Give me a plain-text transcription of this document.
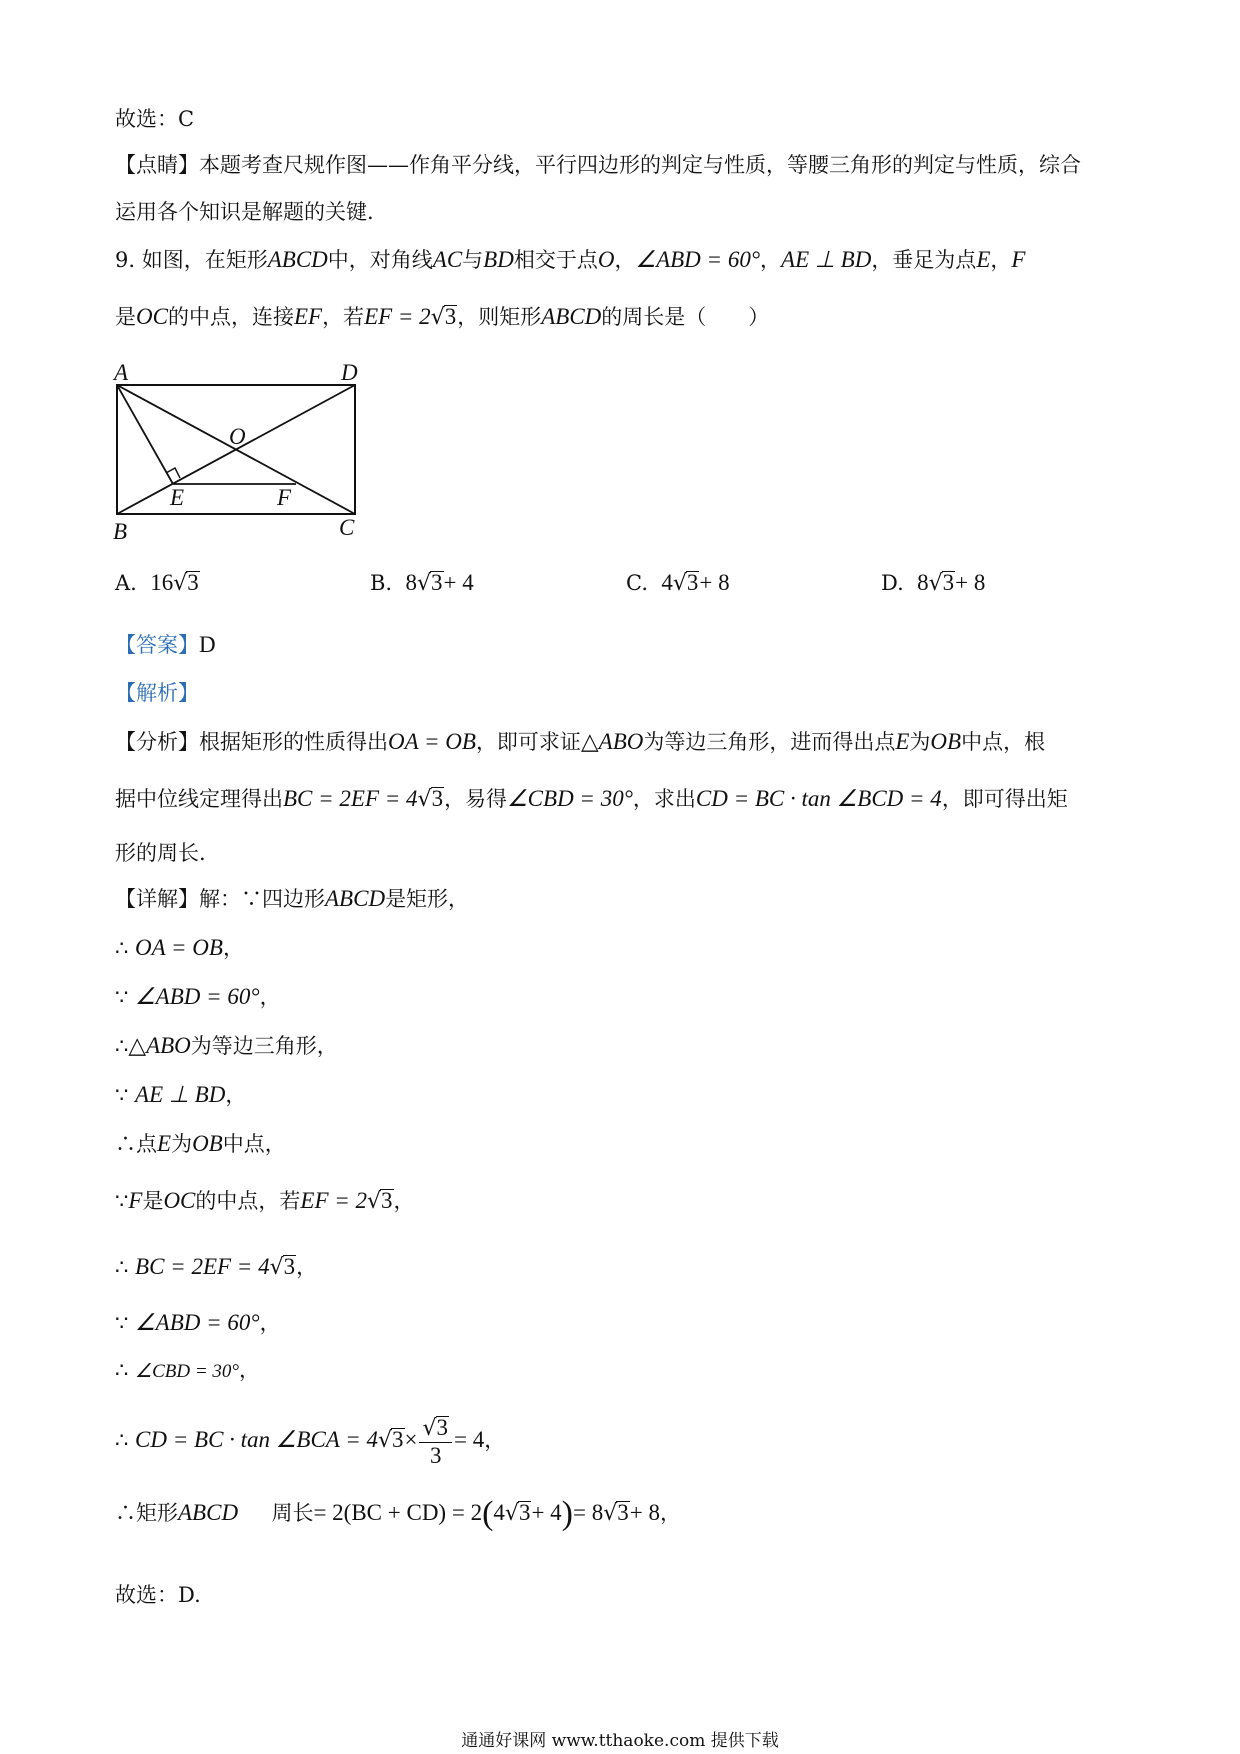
故选：C
【点睛】本题考查尺规作图——作角平分线，平行四边形的判定与性质，等腰三角形的判定与性质，综合
运用各个知识是解题的关键.
9. 如图，在矩形ABCD中，对角线AC与BD相交于点O，∠ABD = 60°，AE ⊥ BD，垂足为点E，F
是OC的中点，连接EF，若EF = 2√3，则矩形ABCD的周长是（　　）
A	D
O
E	F
B	C
A. 16√3	B. 8√3+ 4	C. 4√3+ 8	D. 8√3+ 8
【答案】D
【解析】
【分析】根据矩形的性质得出OA = OB，即可求证△ABO为等边三角形，进而得出点E为OB中点，根
据中位线定理得出BC = 2EF = 4√3，易得∠CBD = 30°，求出CD = BC · tan ∠BCD = 4，即可得出矩
形的周长.
【详解】解：∵四边形ABCD是矩形，
∴ OA = OB，
∵ ∠ABD = 60°，
∴△ABO为等边三角形，
∵ AE ⊥ BD，
∴点E为OB中点，
∵F是OC的中点，若EF = 2√3，
∴ BC = 2EF = 4√3，
∵ ∠ABD = 60°，
∴ ∠CBD = 30°，
∴ CD = BC · tan ∠BCA = $4√3\times \frac{√3}{3} = 4$，
∴矩形ABCD 周长= 2(BC + CD) = 2(4√3+ 4)= 8√3+ 8，
故选：D.
通通好课网 www.tthaoke.com 提供下载
